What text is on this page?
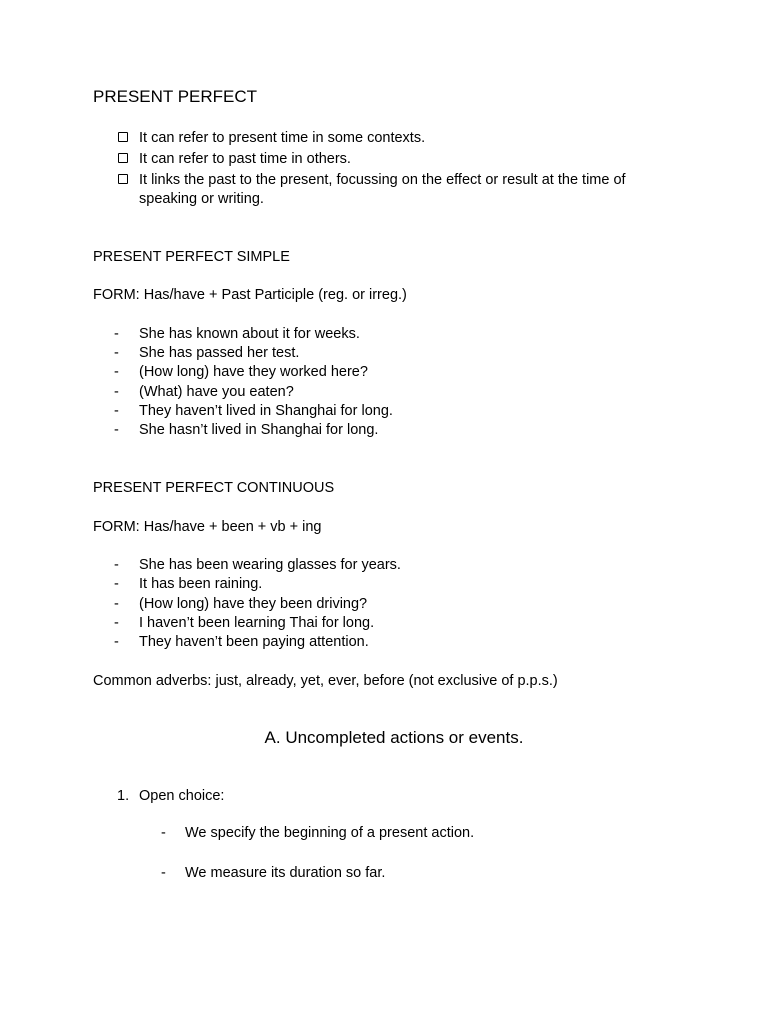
PRESENT PERFECT
It can refer to present time in some contexts.
It can refer to past time in others.
It links the past to the present, focussing on the effect or result at the time of speaking or writing.
PRESENT PERFECT SIMPLE
FORM: Has/have + Past Participle (reg. or irreg.)
- She has known about it for weeks.
- She has passed her test.
- (How long) have they worked here?
- (What) have you eaten?
- They haven’t lived in Shanghai for long.
- She hasn’t lived in Shanghai for long.
PRESENT PERFECT CONTINUOUS
FORM: Has/have + been + vb + ing
- She has been wearing glasses for years.
- It has been raining.
- (How long) have they been driving?
- I haven’t been learning Thai for long.
- They haven’t been paying attention.
Common adverbs: just, already, yet, ever, before (not exclusive of p.p.s.)
A. Uncompleted actions or events.
1. Open choice:
- We specify the beginning of a present action.
- We measure its duration so far.
